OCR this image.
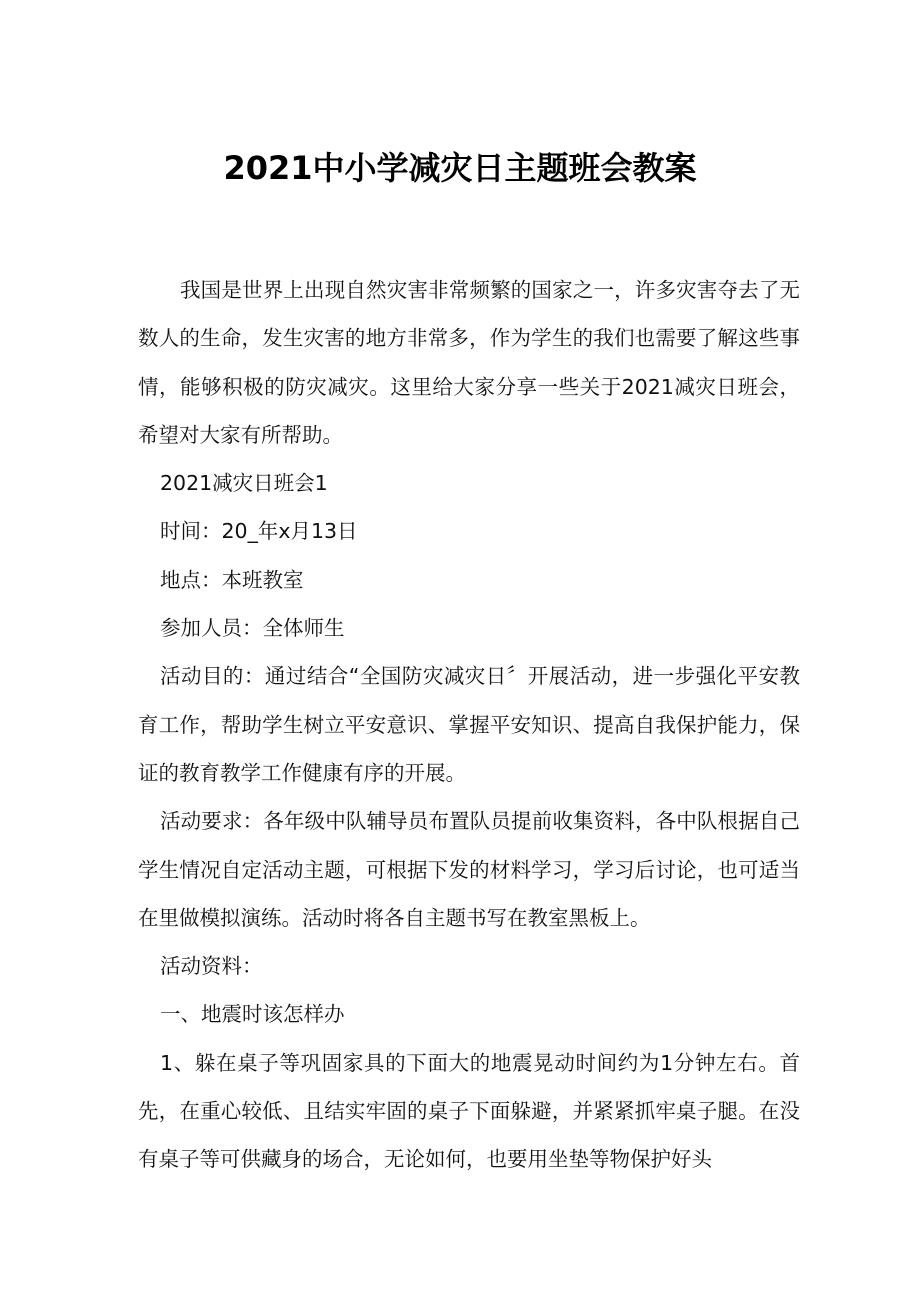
2021中小学减灾日主题班会教案

我国是世界上出现自然灾害非常频繁的国家之一，许多灾害夺去了无数人的生命，发生灾害的地方非常多，作为学生的我们也需要了解这些事情，能够积极的防灾减灾。这里给大家分享一些关于2021减灾日班会，希望对大家有所帮助。

2021减灾日班会1

时间：20_年x月13日

地点：本班教室

参加人员：全体师生

活动目的：通过结合“全国防灾减灾日〞开展活动，进一步强化平安教育工作，帮助学生树立平安意识、掌握平安知识、提高自我保护能力，保证的教育教学工作健康有序的开展。

活动要求：各年级中队辅导员布置队员提前收集资料，各中队根据自己学生情况自定活动主题，可根据下发的材料学习，学习后讨论，也可适当在里做模拟演练。活动时将各自主题书写在教室黑板上。

活动资料：

一、地震时该怎样办

1、躲在桌子等巩固家具的下面大的地震晃动时间约为1分钟左右。首先，在重心较低、且结实牢固的桌子下面躲避，并紧紧抓牢桌子腿。在没有桌子等可供藏身的场合，无论如何，也要用坐垫等物保护好头
